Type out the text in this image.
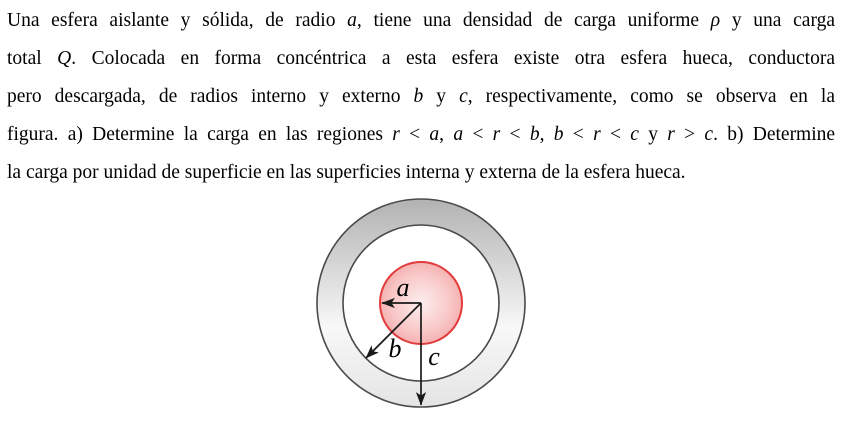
Una esfera aislante y sólida, de radio a, tiene una densidad de carga uniforme ρ y una carga
total Q. Colocada en forma concéntrica a esta esfera existe otra esfera hueca, conductora
pero descargada, de radios interno y externo b y c, respectivamente, como se observa en la
figura. a) Determine la carga en las regiones r < a, a < r < b, b < r < c y r > c. b) Determine
la carga por unidad de superficie en las superficies interna y externa de la esfera hueca.
a
b c
